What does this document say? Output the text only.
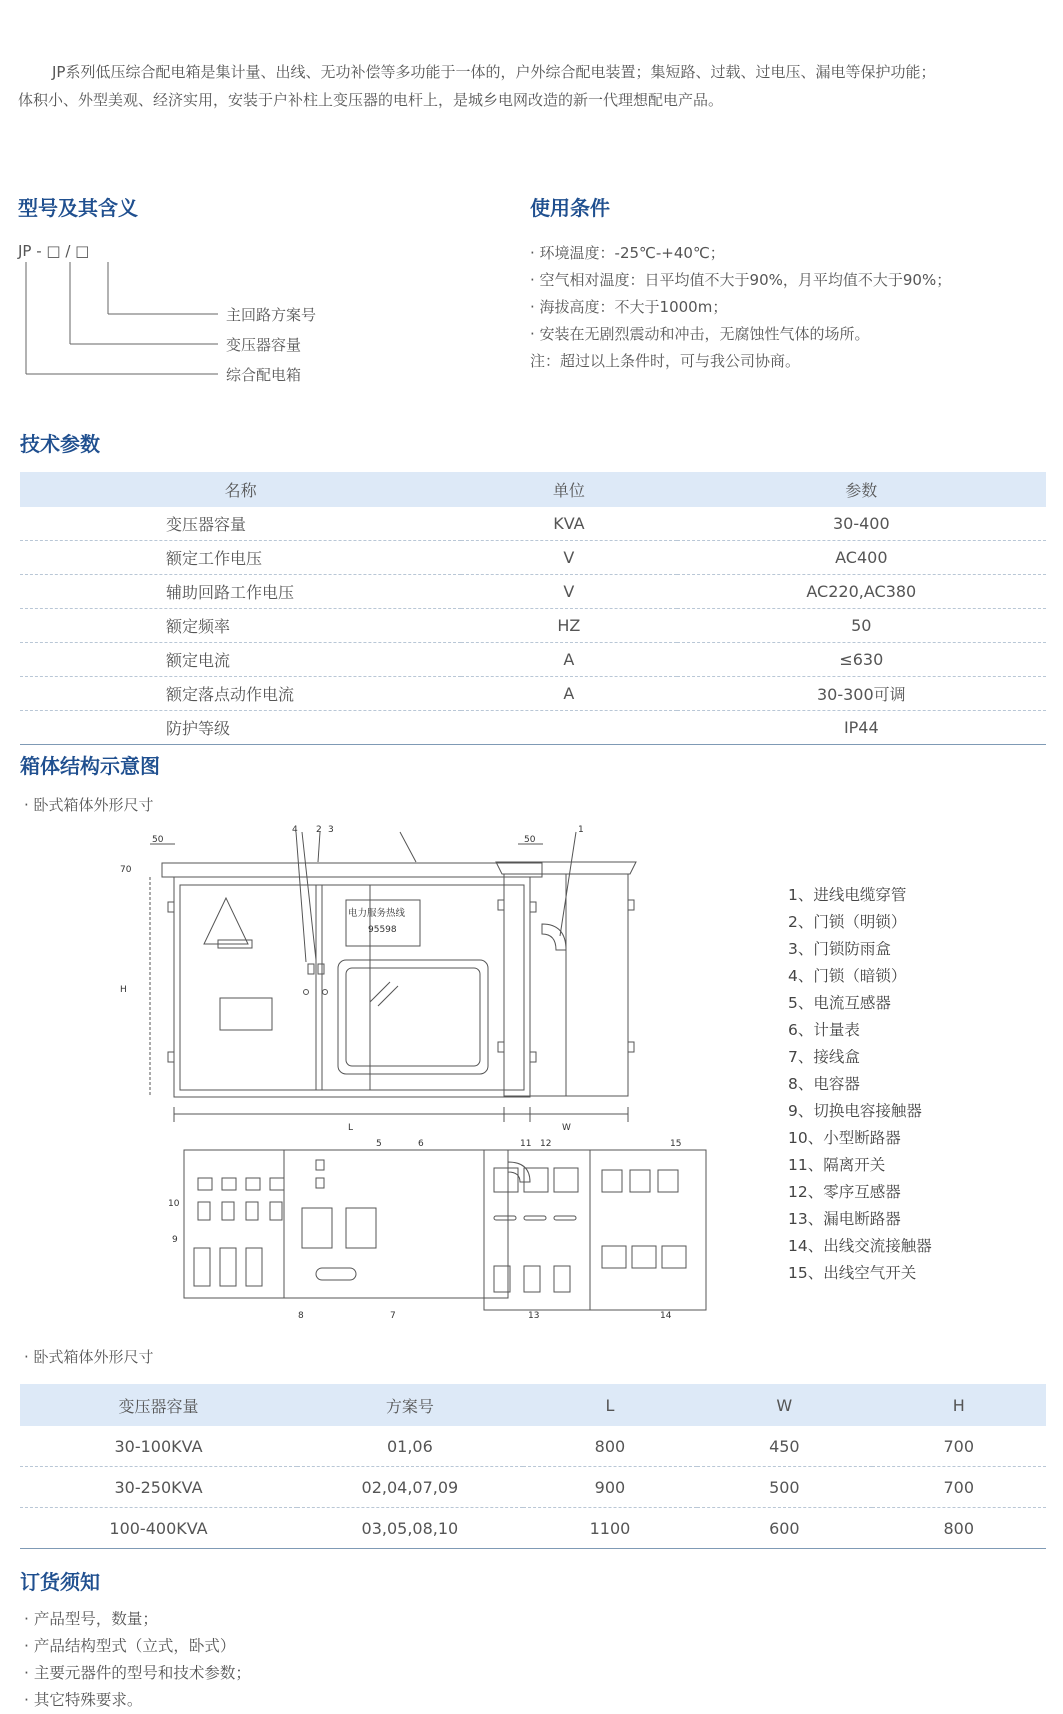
JP系列低压综合配电箱是集计量、出线、无功补偿等多功能于一体的，户外综合配电装置；集短路、过载、过电压、漏电等保护功能；

体积小、外型美观、经济实用，安装于户补柱上变压器的电杆上，是城乡电网改造的新一代理想配电产品。

型号及其含义
JP - □ / □
主回路方案号
变压器容量
综合配电箱
使用条件
· 环境温度：-25℃-+40℃；
· 空气相对温度：日平均值不大于90%，月平均值不大于90%；
· 海拔高度：不大于1000m；
· 安装在无剧烈震动和冲击，无腐蚀性气体的场所。
注：超过以上条件时，可与我公司协商。
技术参数
名称	单位	参数
变压器容量	KVA	30-400
额定工作电压	V	AC400
辅助回路工作电压	V	AC220,AC380
额定频率	HZ	50
额定电流	A	≤630
额定落点动作电流	A	30-300可调
防护等级		IP44
箱体结构示意图
· 卧式箱体外形尺寸
50	50
70
H
L	W
电力服务热线
95598
1
2 3
4
5	6
7
8
9
10
11 12
13	14
15
1、进线电缆穿管
2、门锁（明锁）
3、门锁防雨盒
4、门锁（暗锁）
5、电流互感器
6、计量表
7、接线盒
8、电容器
9、切换电容接触器
10、小型断路器
11、隔离开关
12、零序互感器
13、漏电断路器
14、出线交流接触器
15、出线空气开关
· 卧式箱体外形尺寸
变压器容量	方案号	L	W	H
30-100KVA	01,06	800	450	700
30-250KVA	02,04,07,09	900	500	700
100-400KVA	03,05,08,10	1100	600	800
订货须知
· 产品型号，数量；
· 产品结构型式（立式，卧式）
· 主要元器件的型号和技术参数；
· 其它特殊要求。
